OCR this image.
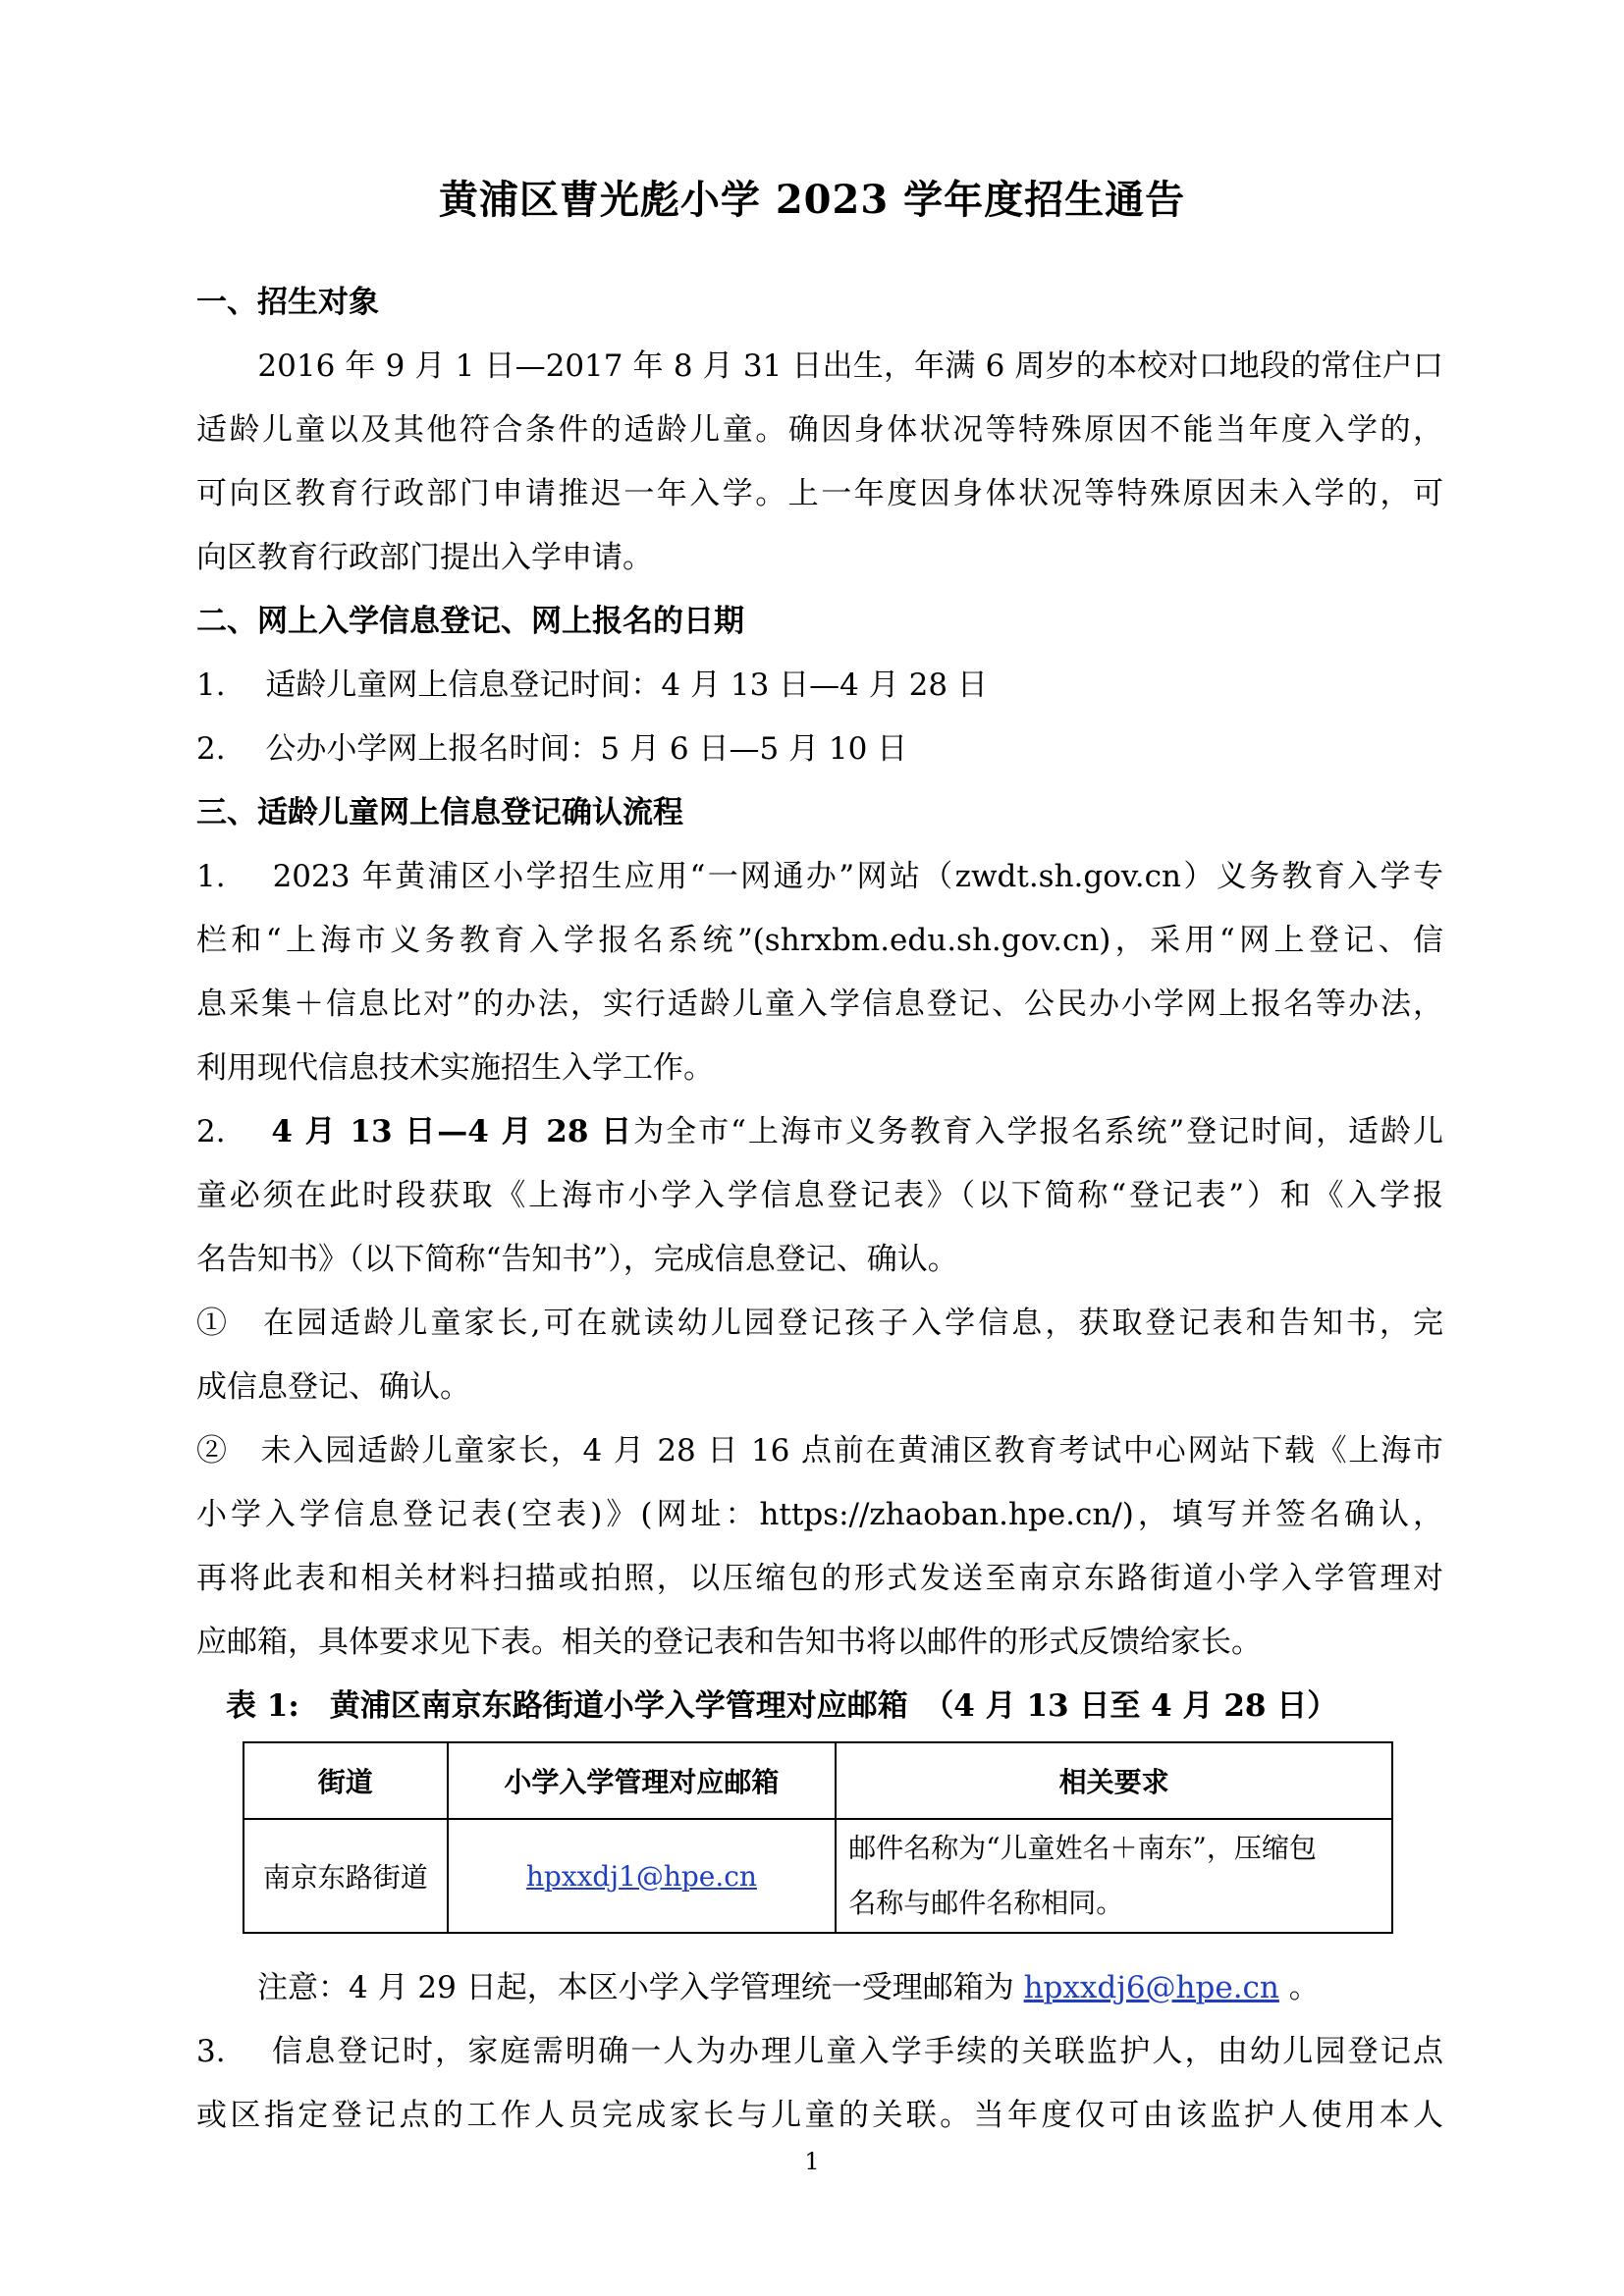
黄浦区曹光彪小学 2023 学年度招生通告
一、招生对象
　　2016 年 9 月 1 日—2017 年 8 月 31 日出生，年满 6 周岁的本校对口地段的常住户口
适龄儿童以及其他符合条件的适龄儿童。确因身体状况等特殊原因不能当年度入学的，
可向区教育行政部门申请推迟一年入学。上一年度因身体状况等特殊原因未入学的，可
向区教育行政部门提出入学申请。
二、网上入学信息登记、网上报名的日期
1.　 适龄儿童网上信息登记时间：4 月 13 日—4 月 28 日
2.　 公办小学网上报名时间：5 月 6 日—5 月 10 日
三、适龄儿童网上信息登记确认流程
1.　 2023 年黄浦区小学招生应用“一网通办”网站（zwdt.sh.gov.cn）义务教育入学专
栏和“上海市义务教育入学报名系统”(shrxbm.edu.sh.gov.cn)，采用“网上登记、信
息采集＋信息比对”的办法，实行适龄儿童入学信息登记、公民办小学网上报名等办法，
利用现代信息技术实施招生入学工作。
2.　 4 月 13 日—4 月 28 日为全市“上海市义务教育入学报名系统”登记时间，适龄儿
童必须在此时段获取《上海市小学入学信息登记表》（以下简称“登记表”）和《入学报
名告知书》（以下简称“告知书”），完成信息登记、确认。
①　在园适龄儿童家长,可在就读幼儿园登记孩子入学信息，获取登记表和告知书，完
成信息登记、确认。
②　未入园适龄儿童家长，4 月 28 日 16 点前在黄浦区教育考试中心网站下载《上海市
小学入学信息登记表(空表)》(网址：https://zhaoban.hpe.cn/)，填写并签名确认，
再将此表和相关材料扫描或拍照，以压缩包的形式发送至南京东路街道小学入学管理对
应邮箱，具体要求见下表。相关的登记表和告知书将以邮件的形式反馈给家长。
表 1:　黄浦区南京东路街道小学入学管理对应邮箱　（4 月 13 日至 4 月 28 日）
街道	小学入学管理对应邮箱	相关要求
南京东路街道	hpxxdj1@hpe.cn	邮件名称为“儿童姓名＋南东”，压缩包
名称与邮件名称相同。
　　注意：4 月 29 日起，本区小学入学管理统一受理邮箱为 hpxxdj6@hpe.cn 。
3.　 信息登记时，家庭需明确一人为办理儿童入学手续的关联监护人，由幼儿园登记点
或区指定登记点的工作人员完成家长与儿童的关联。当年度仅可由该监护人使用本人
1
